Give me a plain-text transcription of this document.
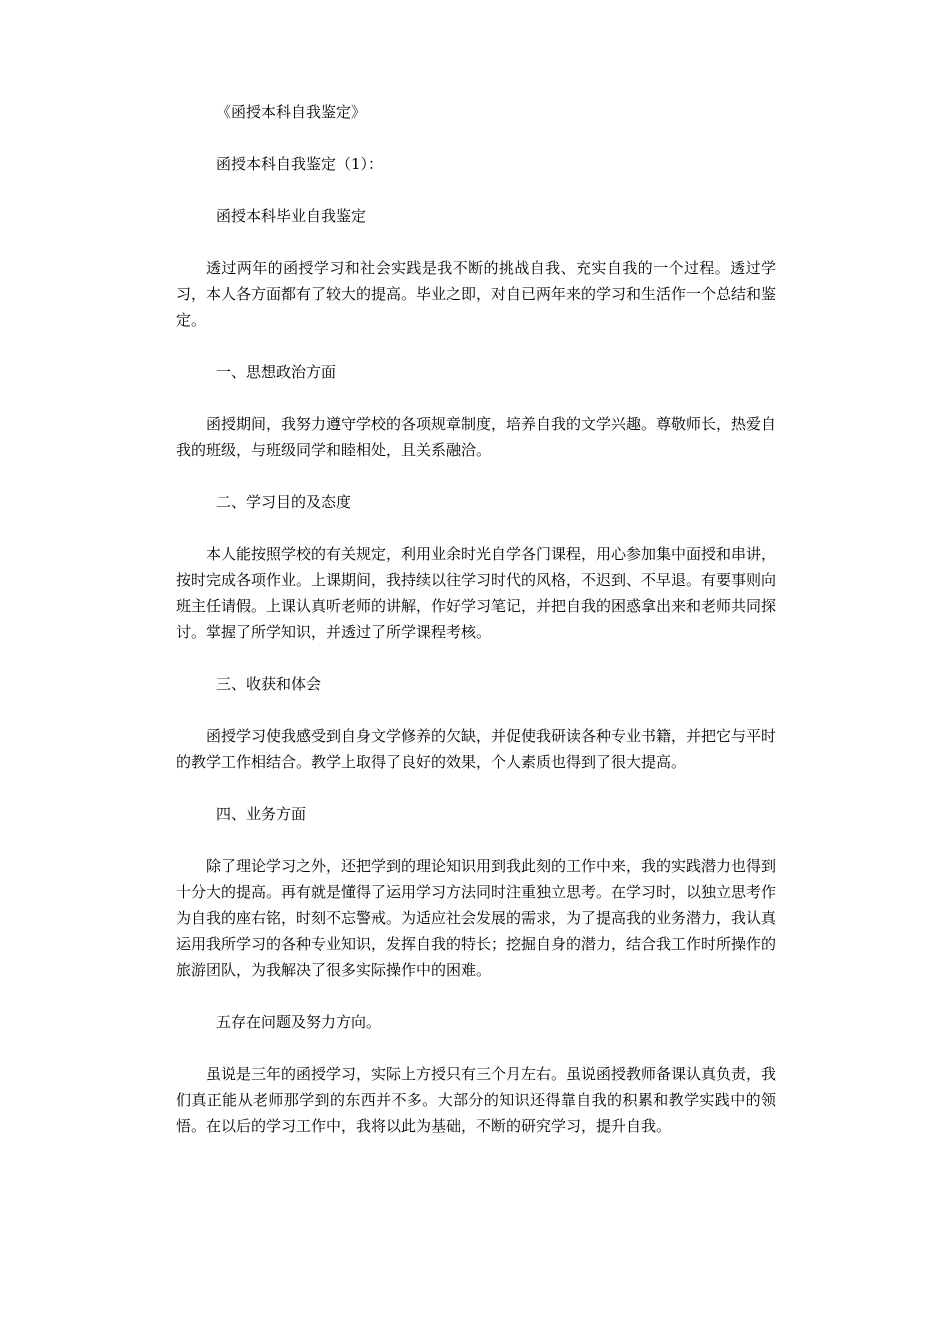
《函授本科自我鉴定》

函授本科自我鉴定（1）：

函授本科毕业自我鉴定

透过两年的函授学习和社会实践是我不断的挑战自我、充实自我的一个过程。透过学习，本人各方面都有了较大的提高。毕业之即，对自已两年来的学习和生活作一个总结和鉴定。

一、思想政治方面

函授期间，我努力遵守学校的各项规章制度，培养自我的文学兴趣。尊敬师长，热爱自我的班级，与班级同学和睦相处，且关系融洽。

二、学习目的及态度

本人能按照学校的有关规定，利用业余时光自学各门课程，用心参加集中面授和串讲，按时完成各项作业。上课期间，我持续以往学习时代的风格，不迟到、不早退。有要事则向班主任请假。上课认真听老师的讲解，作好学习笔记，并把自我的困惑拿出来和老师共同探讨。掌握了所学知识，并透过了所学课程考核。

三、收获和体会

函授学习使我感受到自身文学修养的欠缺，并促使我研读各种专业书籍，并把它与平时的教学工作相结合。教学上取得了良好的效果，个人素质也得到了很大提高。

四、业务方面

除了理论学习之外，还把学到的理论知识用到我此刻的工作中来，我的实践潜力也得到十分大的提高。再有就是懂得了运用学习方法同时注重独立思考。在学习时，以独立思考作为自我的座右铭，时刻不忘警戒。为适应社会发展的需求，为了提高我的业务潜力，我认真运用我所学习的各种专业知识，发挥自我的特长；挖掘自身的潜力，结合我工作时所操作的旅游团队，为我解决了很多实际操作中的困难。

五存在问题及努力方向。

虽说是三年的函授学习，实际上方授只有三个月左右。虽说函授教师备课认真负责，我们真正能从老师那学到的东西并不多。大部分的知识还得靠自我的积累和教学实践中的领悟。在以后的学习工作中，我将以此为基础，不断的研究学习，提升自我。
